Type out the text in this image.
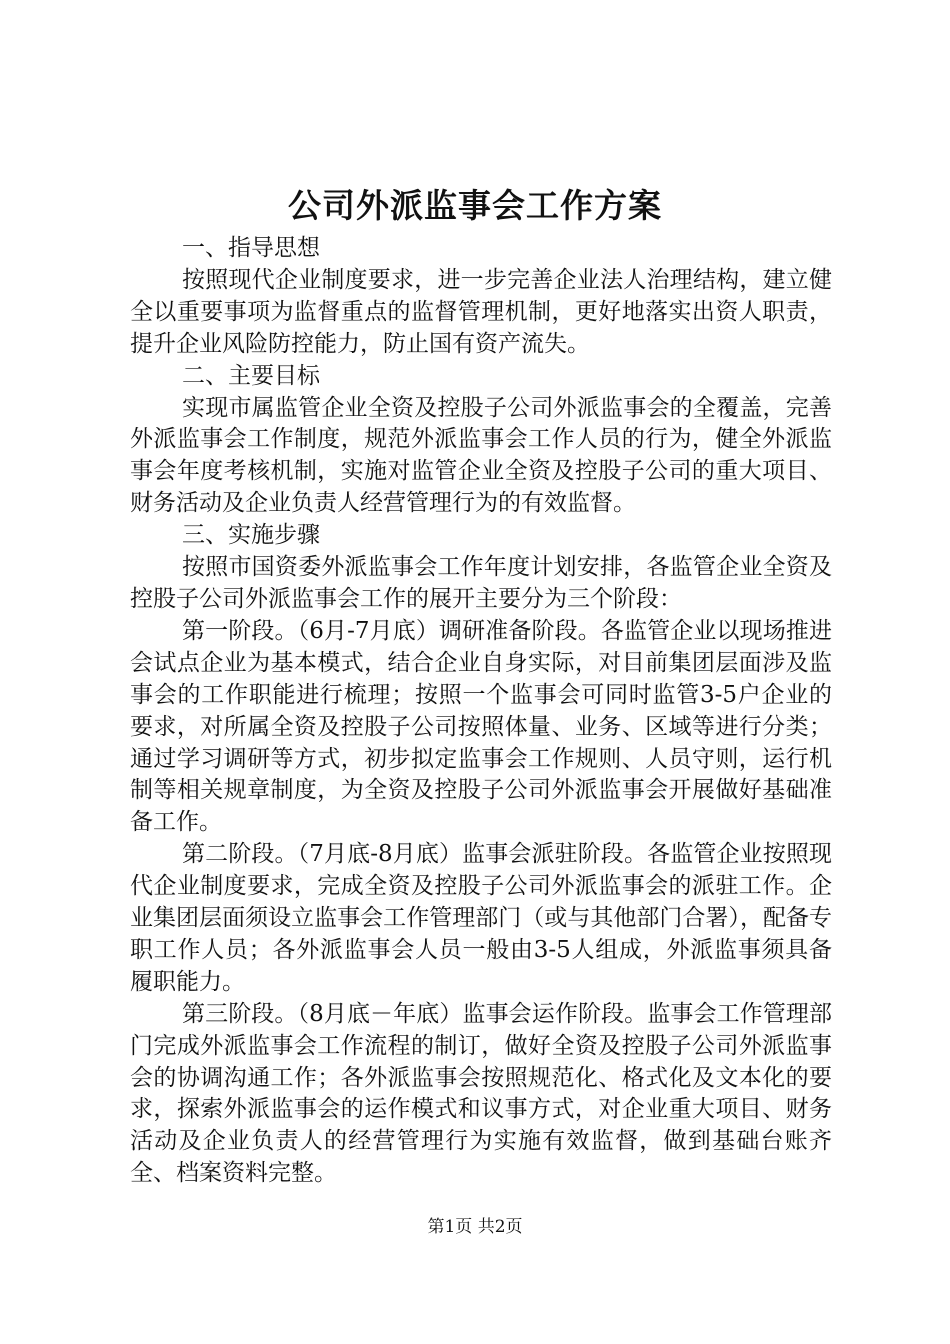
公司外派监事会工作方案

一、指导思想

按照现代企业制度要求，进一步完善企业法人治理结构，建立健全以重要事项为监督重点的监督管理机制，更好地落实出资人职责，提升企业风险防控能力，防止国有资产流失。

二、主要目标

实现市属监管企业全资及控股子公司外派监事会的全覆盖，完善外派监事会工作制度，规范外派监事会工作人员的行为，健全外派监事会年度考核机制，实施对监管企业全资及控股子公司的重大项目、财务活动及企业负责人经营管理行为的有效监督。

三、实施步骤

按照市国资委外派监事会工作年度计划安排，各监管企业全资及控股子公司外派监事会工作的展开主要分为三个阶段：

第一阶段。（6月-7月底）调研准备阶段。各监管企业以现场推进会试点企业为基本模式，结合企业自身实际，对目前集团层面涉及监事会的工作职能进行梳理；按照一个监事会可同时监管3-5户企业的要求，对所属全资及控股子公司按照体量、业务、区域等进行分类；通过学习调研等方式，初步拟定监事会工作规则、人员守则，运行机制等相关规章制度，为全资及控股子公司外派监事会开展做好基础准备工作。

第二阶段。（7月底-8月底）监事会派驻阶段。各监管企业按照现代企业制度要求，完成全资及控股子公司外派监事会的派驻工作。企业集团层面须设立监事会工作管理部门（或与其他部门合署），配备专职工作人员；各外派监事会人员一般由3-5人组成，外派监事须具备履职能力。

第三阶段。（8月底－年底）监事会运作阶段。监事会工作管理部门完成外派监事会工作流程的制订，做好全资及控股子公司外派监事会的协调沟通工作；各外派监事会按照规范化、格式化及文本化的要求，探索外派监事会的运作模式和议事方式，对企业重大项目、财务活动及企业负责人的经营管理行为实施有效监督，做到基础台账齐全、档案资料完整。

第1页 共2页
